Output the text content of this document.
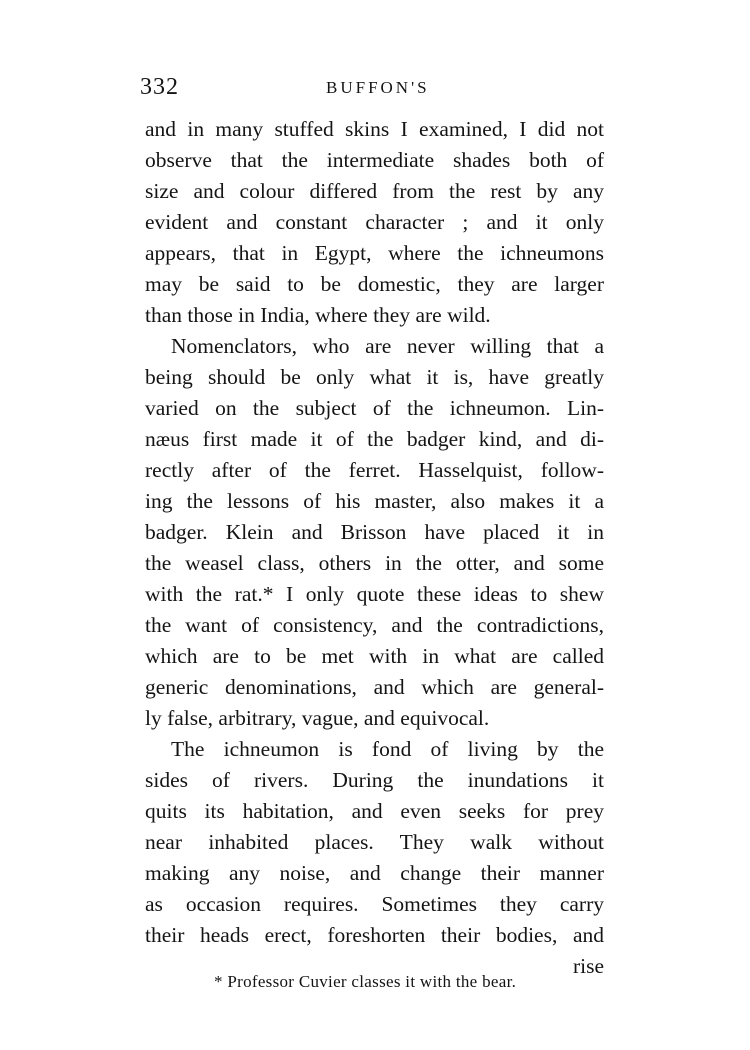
332	BUFFON'S
and in many stuffed skins I examined, I did not
observe that the intermediate shades both of
size and colour differed from the rest by any
evident and constant character ; and it only
appears, that in Egypt, where the ichneumons
may be said to be domestic, they are larger
than those in India, where they are wild.
Nomenclators, who are never willing that a
being should be only what it is, have greatly
varied on the subject of the ichneumon. Lin-
næus first made it of the badger kind, and di-
rectly after of the ferret. Hasselquist, follow-
ing the lessons of his master, also makes it a
badger. Klein and Brisson have placed it in
the weasel class, others in the otter, and some
with the rat.* I only quote these ideas to shew
the want of consistency, and the contradictions,
which are to be met with in what are called
generic denominations, and which are general-
ly false, arbitrary, vague, and equivocal.
The ichneumon is fond of living by the
sides of rivers. During the inundations it
quits its habitation, and even seeks for prey
near inhabited places. They walk without
making any noise, and change their manner
as occasion requires. Sometimes they carry
their heads erect, foreshorten their bodies, and
rise
* Professor Cuvier classes it with the bear.
